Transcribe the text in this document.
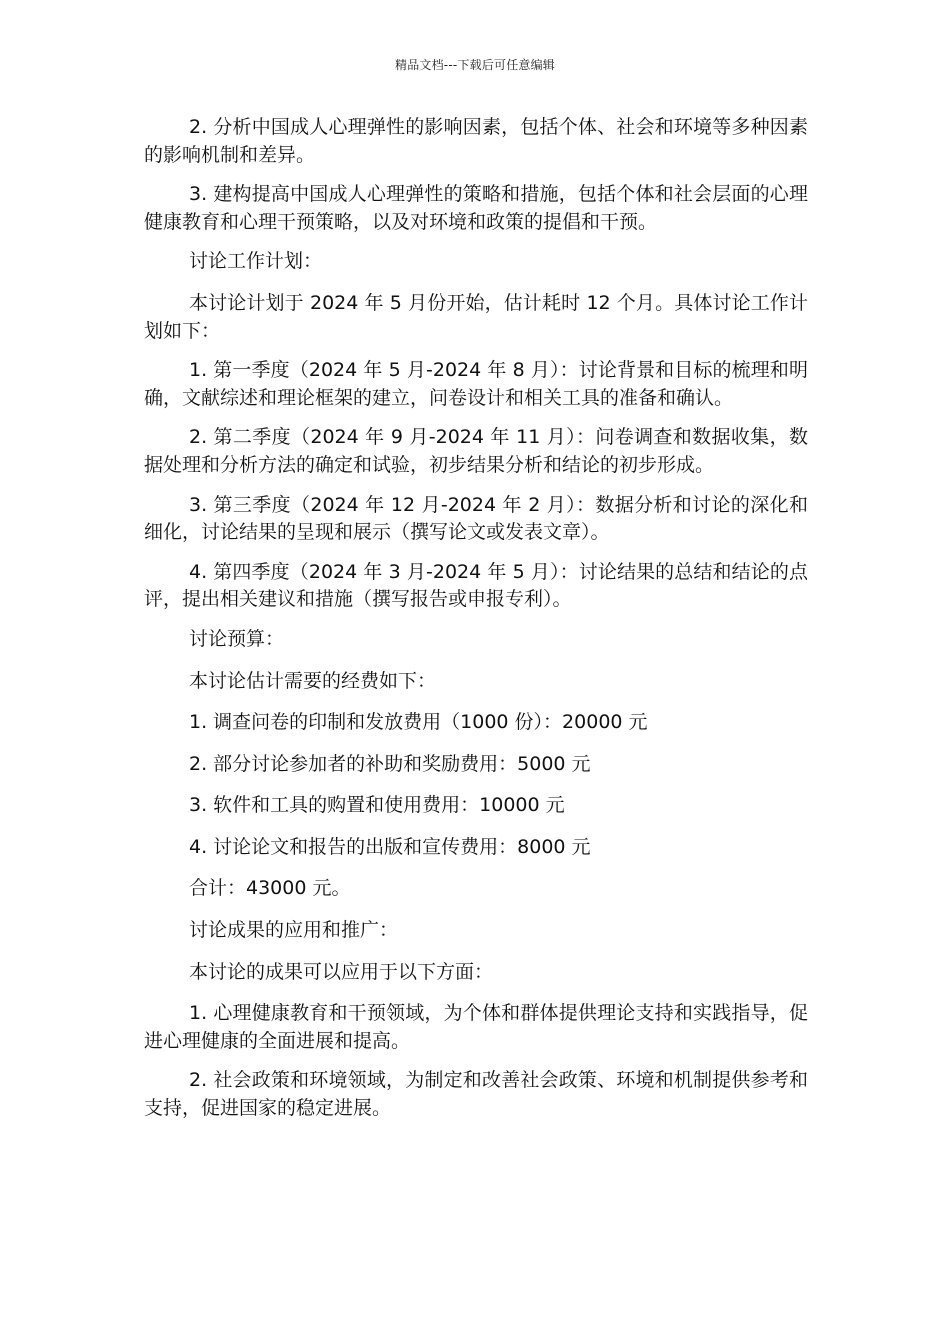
精品文档---下载后可任意编辑

2. 分析中国成人心理弹性的影响因素，包括个体、社会和环境等多种因素的影响机制和差异。

3. 建构提高中国成人心理弹性的策略和措施，包括个体和社会层面的心理健康教育和心理干预策略，以及对环境和政策的提倡和干预。

讨论工作计划：

本讨论计划于 2024 年 5 月份开始，估计耗时 12 个月。具体讨论工作计划如下：

1. 第一季度（2024 年 5 月-2024 年 8 月）：讨论背景和目标的梳理和明确，文献综述和理论框架的建立，问卷设计和相关工具的准备和确认。

2. 第二季度（2024 年 9 月-2024 年 11 月）：问卷调查和数据收集，数据处理和分析方法的确定和试验，初步结果分析和结论的初步形成。

3. 第三季度（2024 年 12 月-2024 年 2 月）：数据分析和讨论的深化和细化，讨论结果的呈现和展示（撰写论文或发表文章）。

4. 第四季度（2024 年 3 月-2024 年 5 月）：讨论结果的总结和结论的点评，提出相关建议和措施（撰写报告或申报专利）。

讨论预算：

本讨论估计需要的经费如下：

1. 调查问卷的印制和发放费用（1000 份）：20000 元

2. 部分讨论参加者的补助和奖励费用：5000 元

3. 软件和工具的购置和使用费用：10000 元

4. 讨论论文和报告的出版和宣传费用：8000 元

合计：43000 元。

讨论成果的应用和推广：

本讨论的成果可以应用于以下方面：

1. 心理健康教育和干预领域，为个体和群体提供理论支持和实践指导，促进心理健康的全面进展和提高。

2. 社会政策和环境领域，为制定和改善社会政策、环境和机制提供参考和支持，促进国家的稳定进展。
